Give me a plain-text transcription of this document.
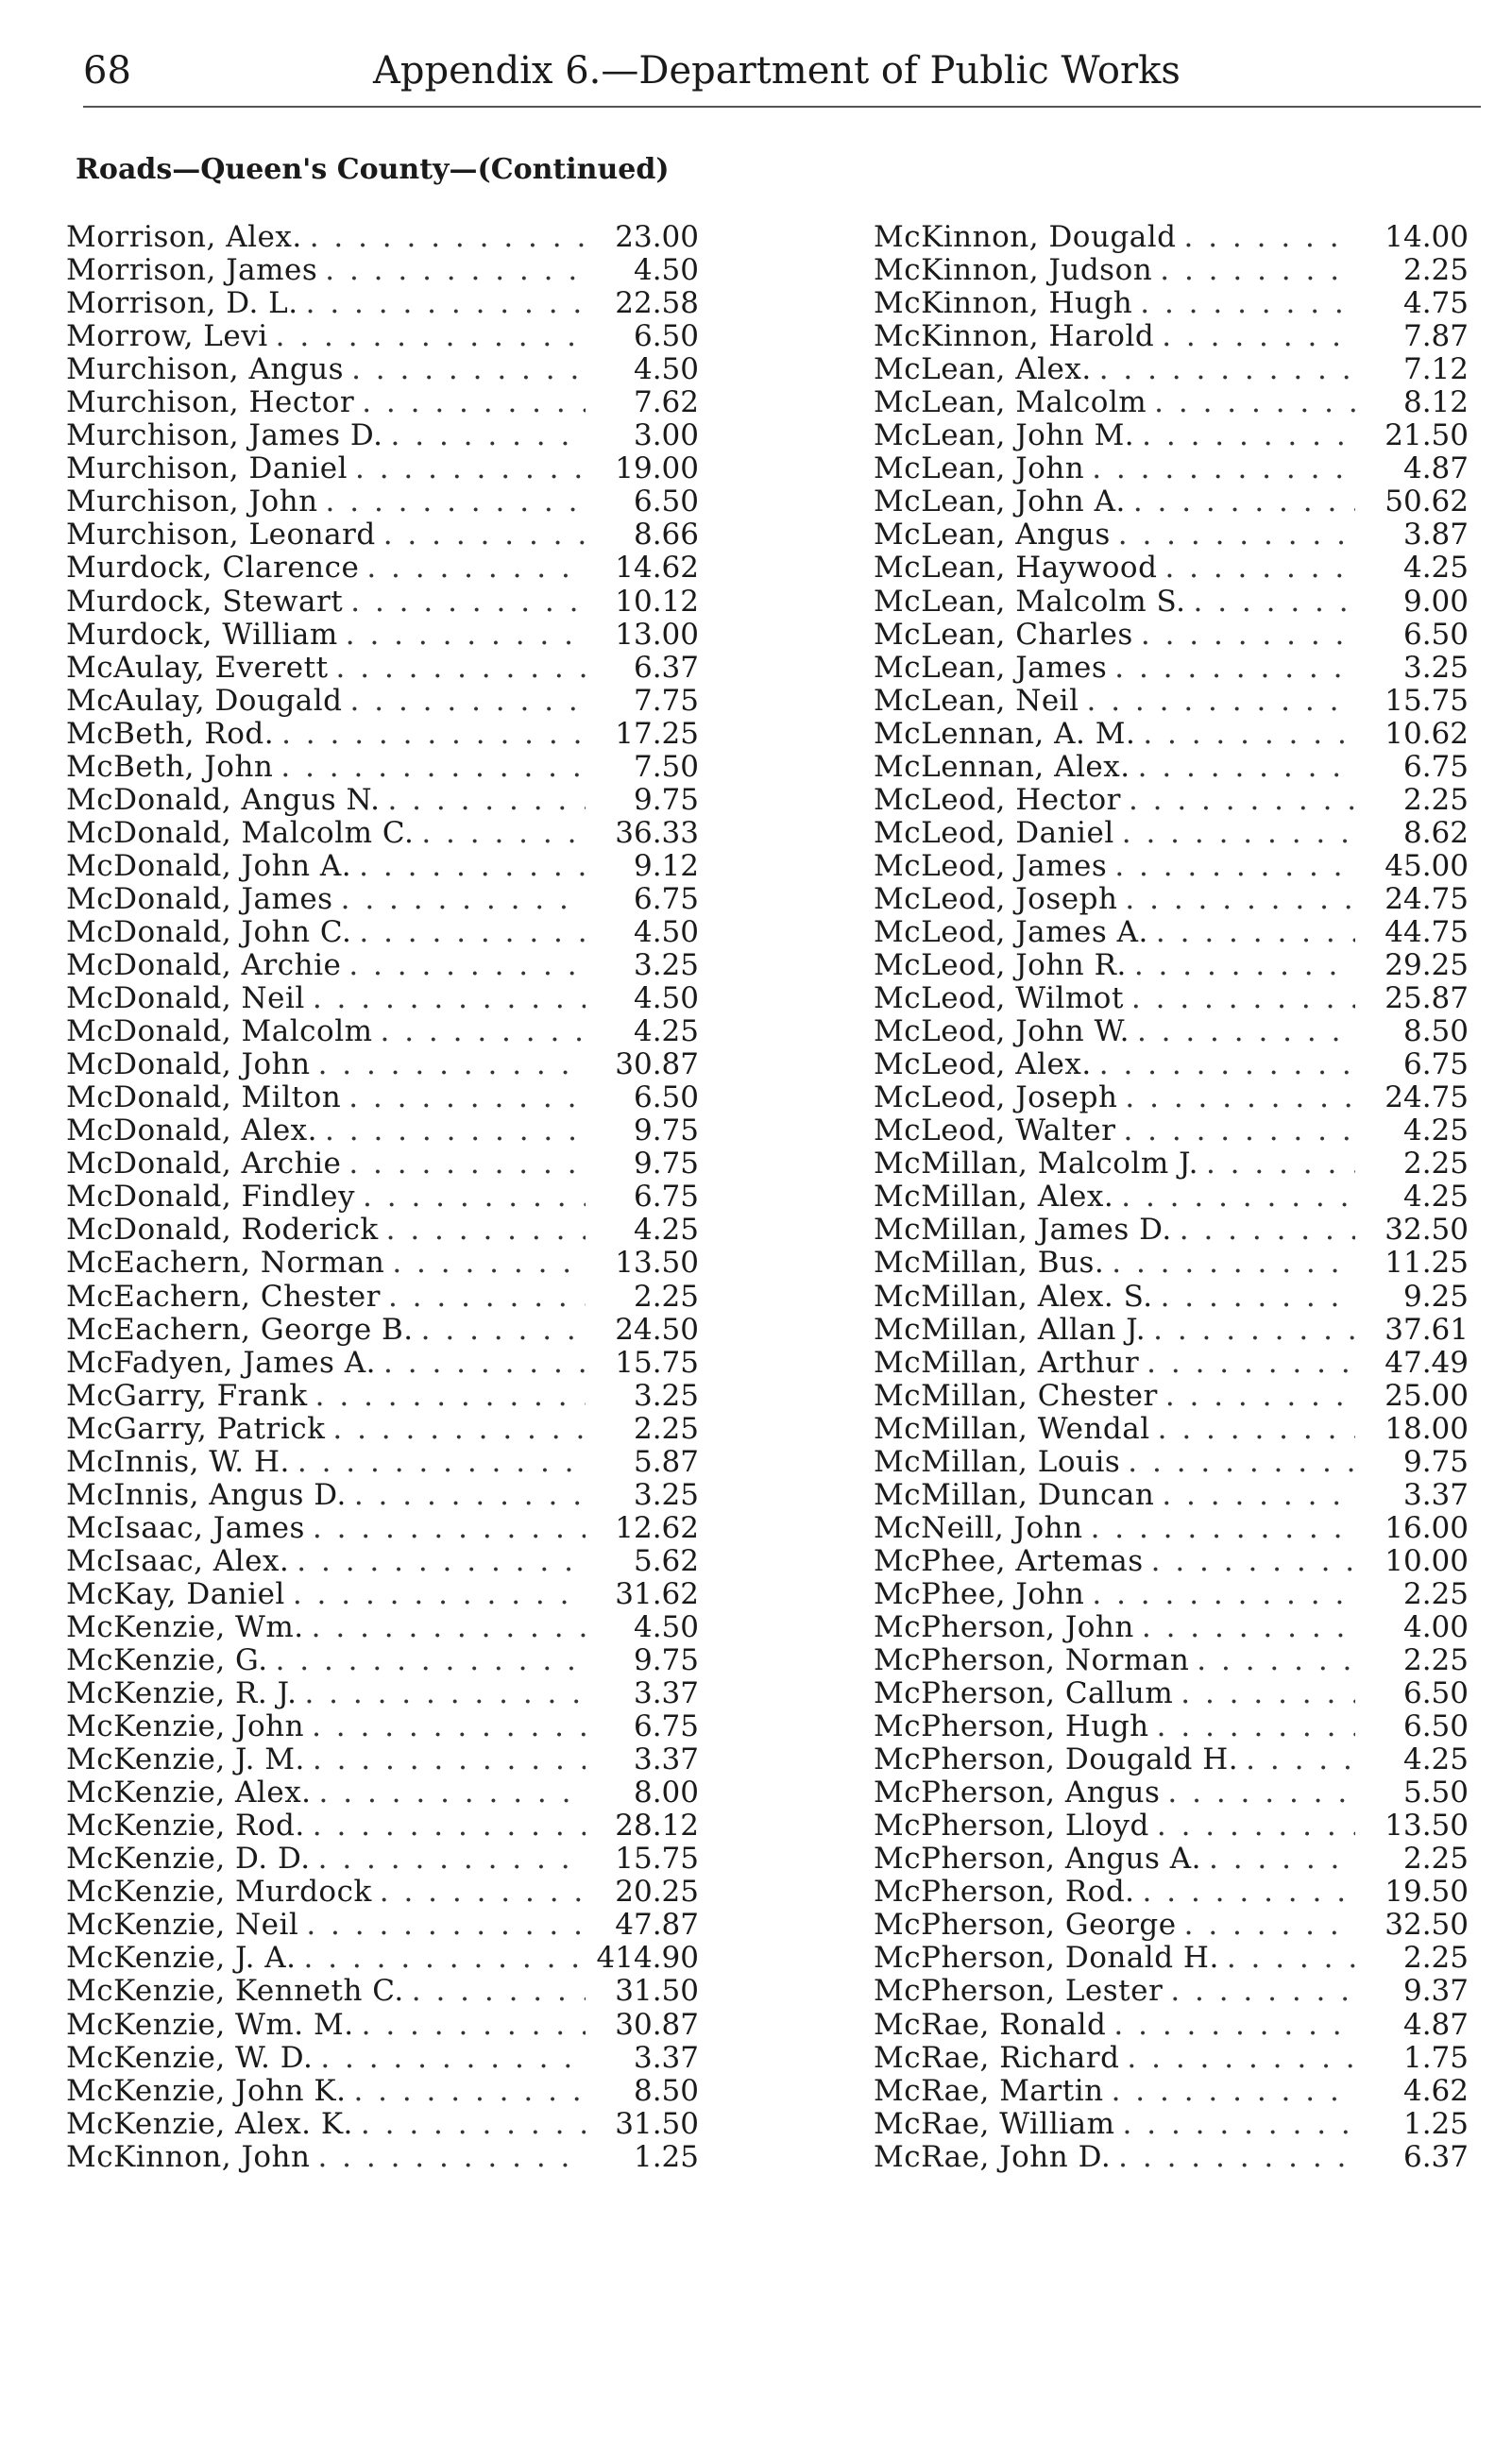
68	Appendix 6.—Department of Public Works
Roads—Queen's County—(Continued)
Morrison, Alex. . . .	23.00
Morrison, James . . .	4.50
Morrison, D. L. . . .	22.58
Morrow, Levi . . .	6.50
Murchison, Angus . . .	4.50
Murchison, Hector . . .	7.62
Murchison, James D. . . .	3.00
Murchison, Daniel . . .	19.00
Murchison, John . . .	6.50
Murchison, Leonard . . .	8.66
Murdock, Clarence . . .	14.62
Murdock, Stewart . . .	10.12
Murdock, William . . .	13.00
McAulay, Everett . . .	6.37
McAulay, Dougald . . .	7.75
McBeth, Rod. . . .	17.25
McBeth, John . . .	7.50
McDonald, Angus N. . . .	9.75
McDonald, Malcolm C. . . .	36.33
McDonald, John A. . . .	9.12
McDonald, James . . .	6.75
McDonald, John C. . . .	4.50
McDonald, Archie . . .	3.25
McDonald, Neil . . .	4.50
McDonald, Malcolm . . .	4.25
McDonald, John . . .	30.87
McDonald, Milton . . .	6.50
McDonald, Alex. . . .	9.75
McDonald, Archie . . .	9.75
McDonald, Findley . . .	6.75
McDonald, Roderick . . .	4.25
McEachern, Norman . . .	13.50
McEachern, Chester . . .	2.25
McEachern, George B. . . .	24.50
McFadyen, James A. . . .	15.75
McGarry, Frank . . .	3.25
McGarry, Patrick . . .	2.25
McInnis, W. H. . . .	5.87
McInnis, Angus D. . . .	3.25
McIsaac, James . . .	12.62
McIsaac, Alex. . . .	5.62
McKay, Daniel . . .	31.62
McKenzie, Wm. . . .	4.50
McKenzie, G. . . .	9.75
McKenzie, R. J. . . .	3.37
McKenzie, John . . .	6.75
McKenzie, J. M. . . .	3.37
McKenzie, Alex. . . .	8.00
McKenzie, Rod. . . .	28.12
McKenzie, D. D. . . .	15.75
McKenzie, Murdock . . .	20.25
McKenzie, Neil . . .	47.87
McKenzie, J. A. . . .	414.90
McKenzie, Kenneth C. . . .	31.50
McKenzie, Wm. M. . . .	30.87
McKenzie, W. D. . . .	3.37
McKenzie, John K. . . .	8.50
McKenzie, Alex. K. . . .	31.50
McKinnon, John . . .	1.25
McKinnon, Dougald . . .	14.00
McKinnon, Judson . . .	2.25
McKinnon, Hugh . . .	4.75
McKinnon, Harold . . .	7.87
McLean, Alex. . . .	7.12
McLean, Malcolm . . .	8.12
McLean, John M. . . .	21.50
McLean, John . . .	4.87
McLean, John A. . . .	50.62
McLean, Angus . . .	3.87
McLean, Haywood . . .	4.25
McLean, Malcolm S. . . .	9.00
McLean, Charles . . .	6.50
McLean, James . . .	3.25
McLean, Neil . . .	15.75
McLennan, A. M. . . .	10.62
McLennan, Alex. . . .	6.75
McLeod, Hector . . .	2.25
McLeod, Daniel . . .	8.62
McLeod, James . . .	45.00
McLeod, Joseph . . .	24.75
McLeod, James A. . . .	44.75
McLeod, John R. . . .	29.25
McLeod, Wilmot . . .	25.87
McLeod, John W. . . .	8.50
McLeod, Alex. . . .	6.75
McLeod, Joseph . . .	24.75
McLeod, Walter . . .	4.25
McMillan, Malcolm J. . . .	2.25
McMillan, Alex. . . .	4.25
McMillan, James D. . . .	32.50
McMillan, Bus. . . .	11.25
McMillan, Alex. S. . . .	9.25
McMillan, Allan J. . . .	37.61
McMillan, Arthur . . .	47.49
McMillan, Chester . . .	25.00
McMillan, Wendal . . .	18.00
McMillan, Louis . . .	9.75
McMillan, Duncan . . .	3.37
McNeill, John . . .	16.00
McPhee, Artemas . . .	10.00
McPhee, John . . .	2.25
McPherson, John . . .	4.00
McPherson, Norman . . .	2.25
McPherson, Callum . . .	6.50
McPherson, Hugh . . .	6.50
McPherson, Dougald H. . . .	4.25
McPherson, Angus . . .	5.50
McPherson, Lloyd . . .	13.50
McPherson, Angus A. . . .	2.25
McPherson, Rod. . . .	19.50
McPherson, George . . .	32.50
McPherson, Donald H. . . .	2.25
McPherson, Lester . . .	9.37
McRae, Ronald . . .	4.87
McRae, Richard . . .	1.75
McRae, Martin . . .	4.62
McRae, William . . .	1.25
McRae, John D. . . .	6.37
